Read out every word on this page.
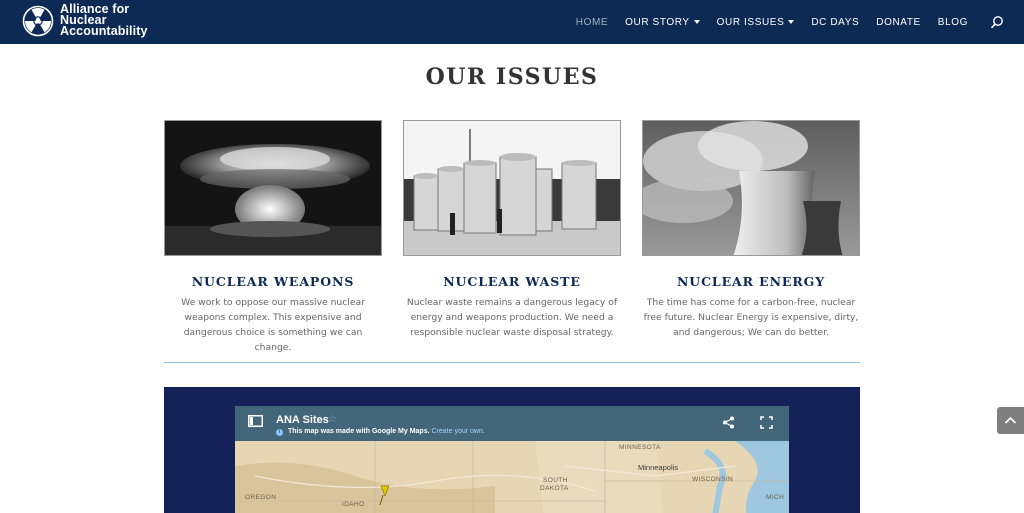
Alliance for
Nuclear
Accountability
HOME OUR STORY	OUR ISSUES	DC DAYS DONATE BLOG
OUR ISSUES
NUCLEAR WEAPONS
We work to oppose our massive nuclear weapons complex. This expensive and dangerous choice is something we can change.
NUCLEAR WASTE
Nuclear waste remains a dangerous legacy of energy and weapons production. We need a responsible nuclear waste disposal strategy.
NUCLEAR ENERGY
The time has come for a carbon-free, nuclear free future. Nuclear Energy is expensive, dirty, and dangerous; We can do better.
ANA Sites ☆
i This map was made with Google My Maps. Create your own.
MINNESOTA
Minneapolis
SOUTH
DAKOTA
WISCONSIN
OREGON
IDAHO
MICH
